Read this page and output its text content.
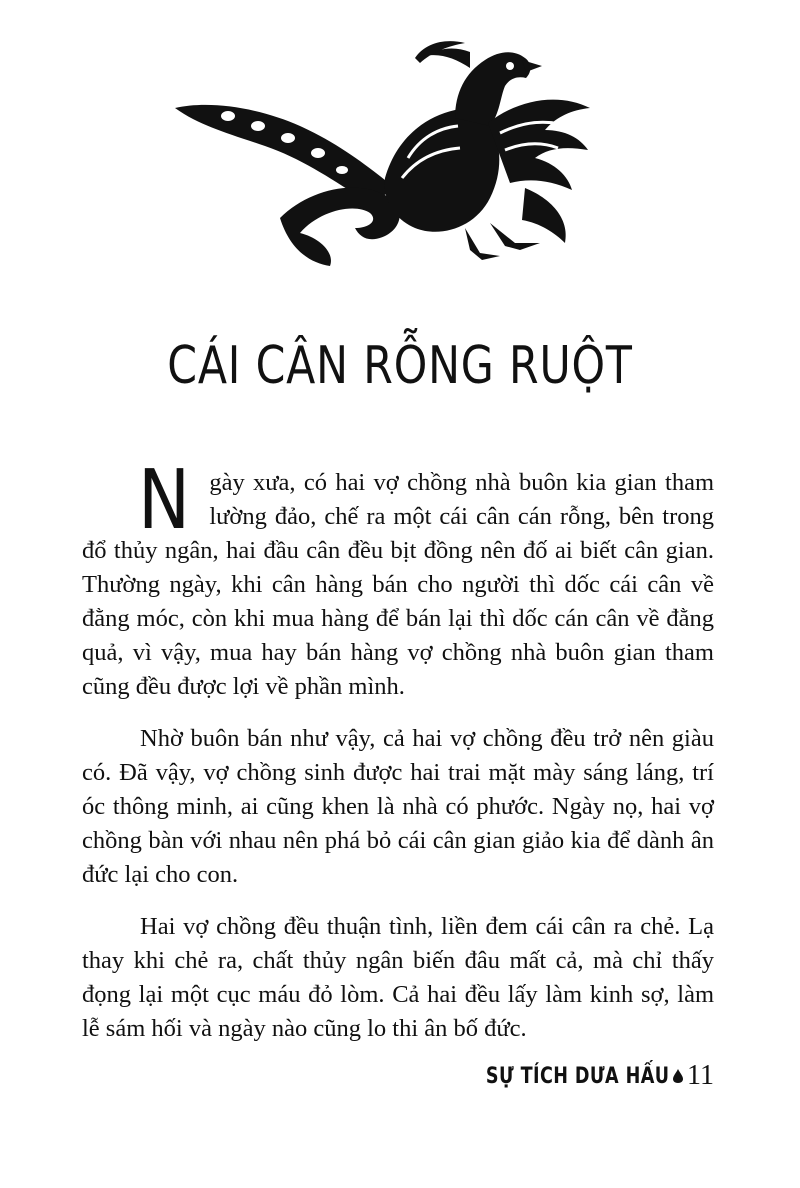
CÁI CÂN RỖNG RUỘT

Ngày xưa, có hai vợ chồng nhà buôn kia gian tham lường đảo, chế ra một cái cân cán rỗng, bên trong đổ thủy ngân, hai đầu cân đều bịt đồng nên đố ai biết cân gian. Thường ngày, khi cân hàng bán cho người thì dốc cái cân về đằng móc, còn khi mua hàng để bán lại thì dốc cán cân về đằng quả, vì vậy, mua hay bán hàng vợ chồng nhà buôn gian tham cũng đều được lợi về phần mình.

Nhờ buôn bán như vậy, cả hai vợ chồng đều trở nên giàu có. Đã vậy, vợ chồng sinh được hai trai mặt mày sáng láng, trí óc thông minh, ai cũng khen là nhà có phước. Ngày nọ, hai vợ chồng bàn với nhau nên phá bỏ cái cân gian giảo kia để dành ân đức lại cho con.

Hai vợ chồng đều thuận tình, liền đem cái cân ra chẻ. Lạ thay khi chẻ ra, chất thủy ngân biến đâu mất cả, mà chỉ thấy đọng lại một cục máu đỏ lòm. Cả hai đều lấy làm kinh sợ, làm lễ sám hối và ngày nào cũng lo thi ân bố đức.

SỰ TÍCH DƯA HẤU 11
